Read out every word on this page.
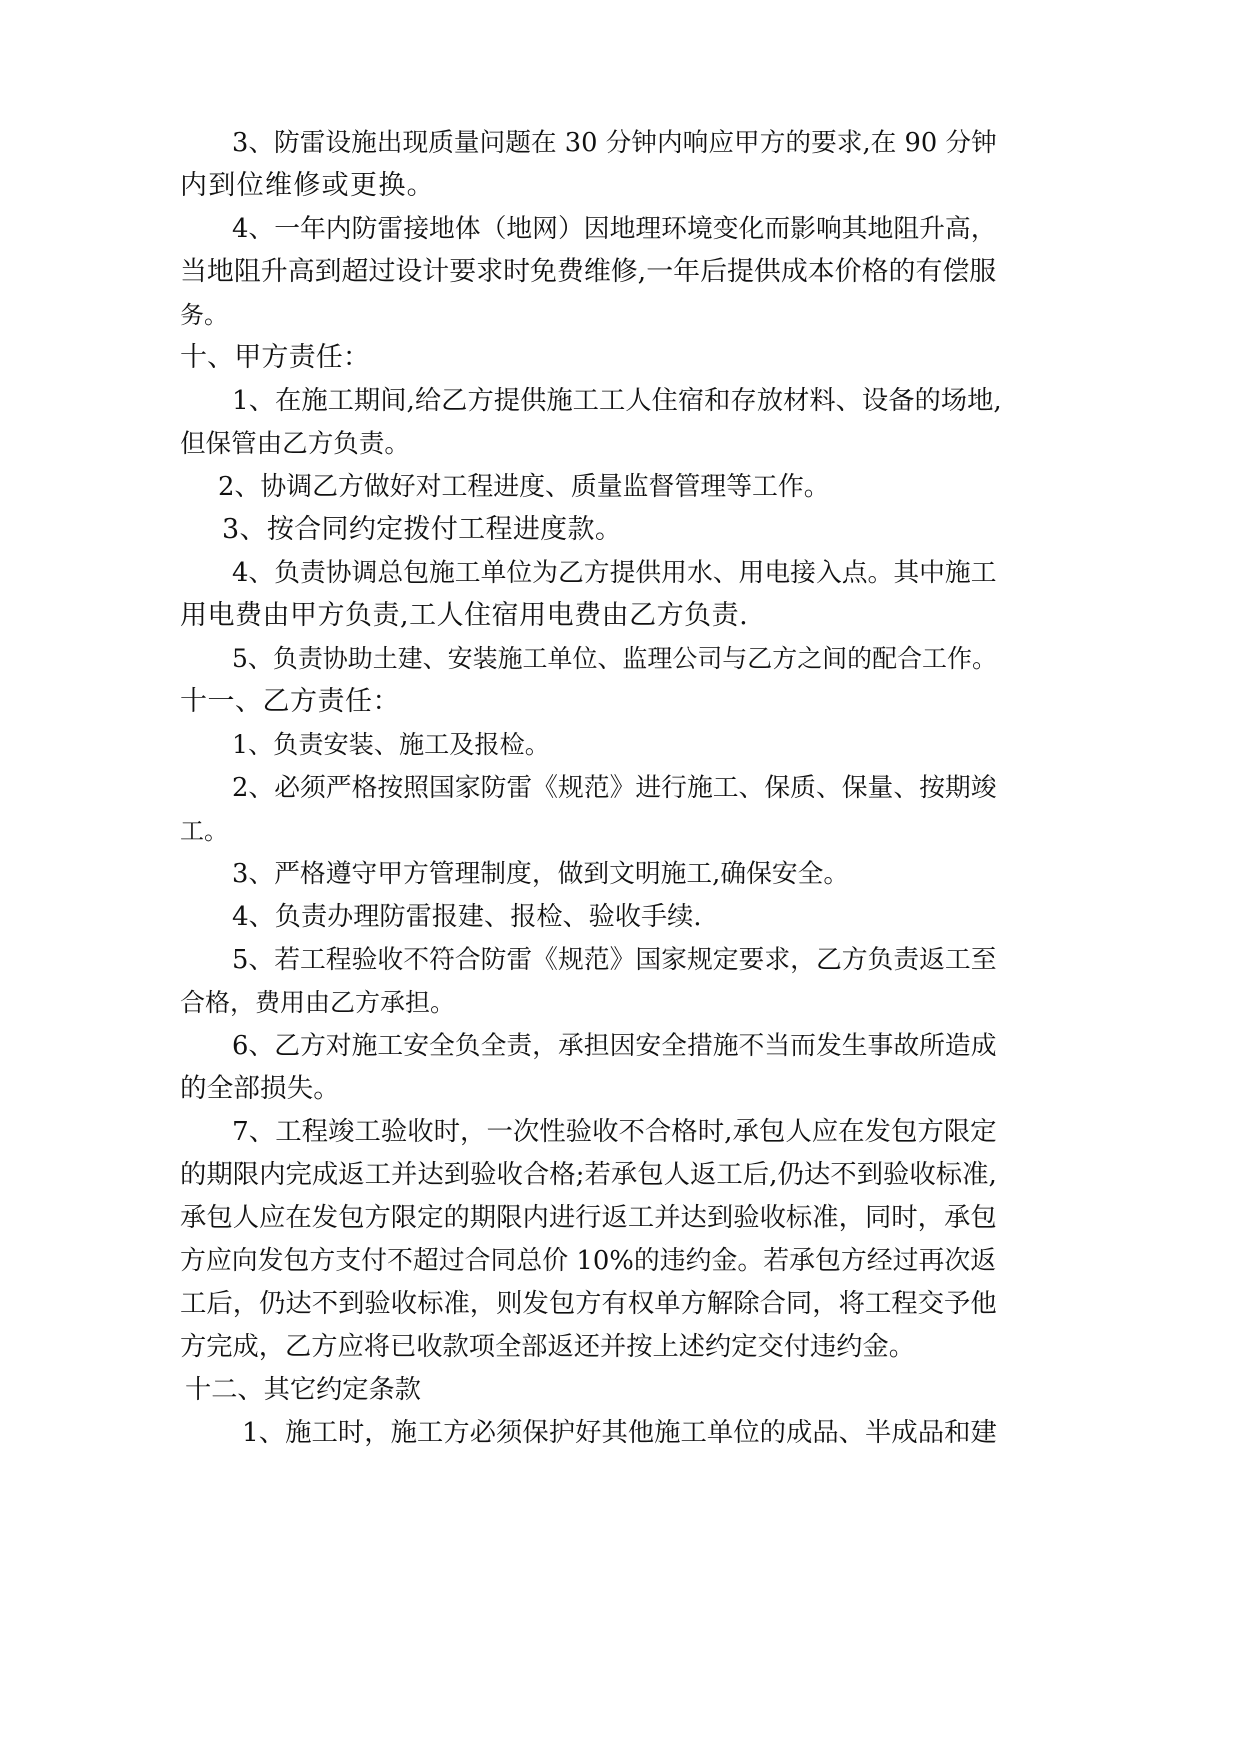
3、防雷设施出现质量问题在 30 分钟内响应甲方的要求,在 90 分钟
内到位维修或更换。
4、一年内防雷接地体（地网）因地理环境变化而影响其地阻升高，
当地阻升高到超过设计要求时免费维修,一年后提供成本价格的有偿服
务。
十、甲方责任：
1、在施工期间,给乙方提供施工工人住宿和存放材料、设备的场地,
但保管由乙方负责。
2、协调乙方做好对工程进度、质量监督管理等工作。
3、按合同约定拨付工程进度款。
4、负责协调总包施工单位为乙方提供用水、用电接入点。其中施工
用电费由甲方负责,工人住宿用电费由乙方负责.
5、负责协助土建、安装施工单位、监理公司与乙方之间的配合工作。
十一、乙方责任：
1、负责安装、施工及报检。
2、必须严格按照国家防雷《规范》进行施工、保质、保量、按期竣
工。
3、严格遵守甲方管理制度，做到文明施工,确保安全。
4、负责办理防雷报建、报检、验收手续.
5、若工程验收不符合防雷《规范》国家规定要求，乙方负责返工至
合格，费用由乙方承担。
6、乙方对施工安全负全责，承担因安全措施不当而发生事故所造成
的全部损失。
7、工程竣工验收时，一次性验收不合格时,承包人应在发包方限定
的期限内完成返工并达到验收合格;若承包人返工后,仍达不到验收标准,
承包人应在发包方限定的期限内进行返工并达到验收标准，同时，承包
方应向发包方支付不超过合同总价 10%的违约金。若承包方经过再次返
工后，仍达不到验收标准，则发包方有权单方解除合同，将工程交予他
方完成，乙方应将已收款项全部返还并按上述约定交付违约金。
十二、其它约定条款
1、施工时，施工方必须保护好其他施工单位的成品、半成品和建
